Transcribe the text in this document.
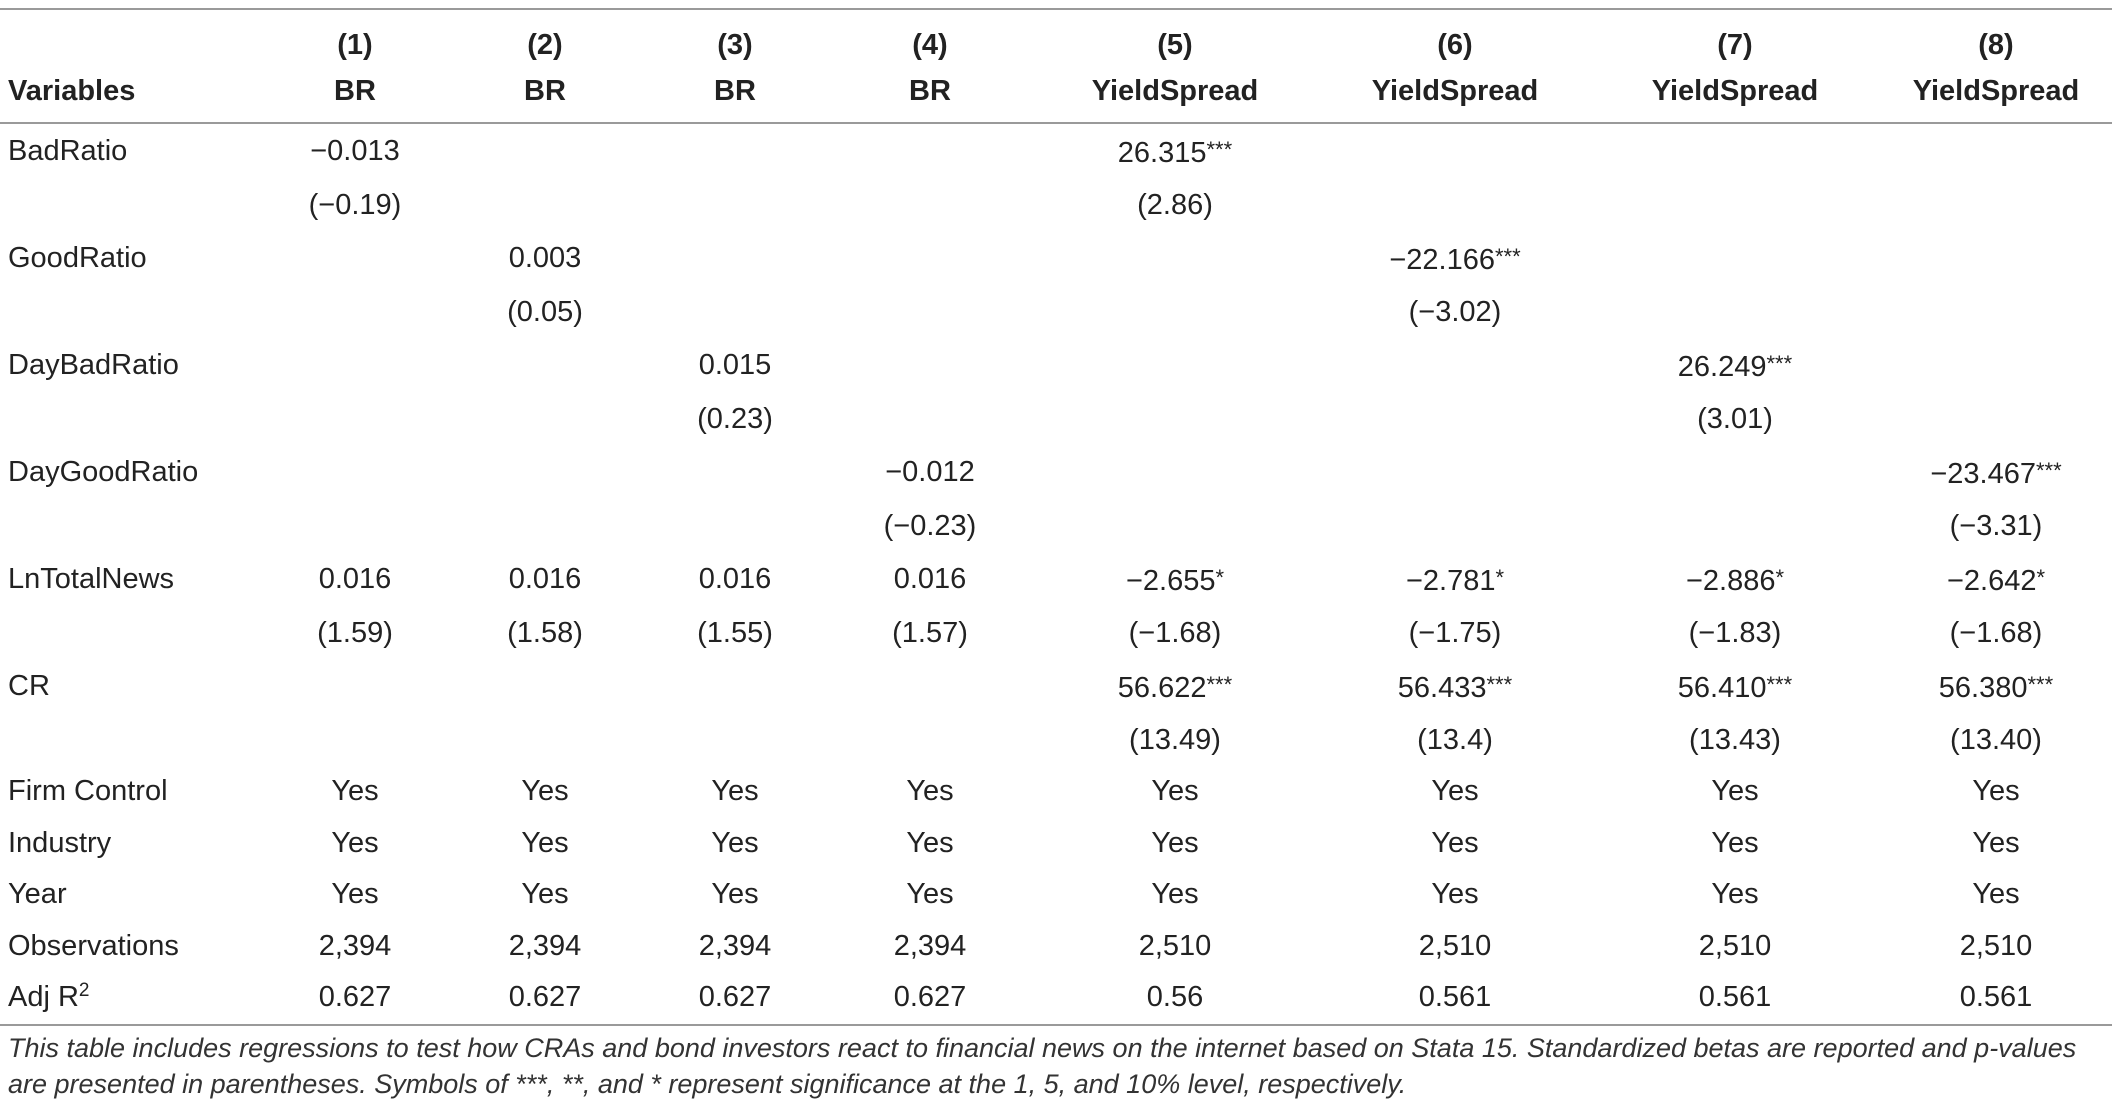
	(1)	(2)	(3)	(4)	(5)	(6)	(7)	(8)
Variables	BR	BR	BR	BR	YieldSpread	YieldSpread	YieldSpread	YieldSpread
BadRatio	−0.013				26.315***			
	(−0.19)				(2.86)			
GoodRatio		0.003				−22.166***		
		(0.05)				(−3.02)		
DayBadRatio			0.015				26.249***	
			(0.23)				(3.01)	
DayGoodRatio				−0.012				−23.467***
				(−0.23)				(−3.31)
LnTotalNews	0.016	0.016	0.016	0.016	−2.655*	−2.781*	−2.886*	−2.642*
	(1.59)	(1.58)	(1.55)	(1.57)	(−1.68)	(−1.75)	(−1.83)	(−1.68)
CR					56.622***	56.433***	56.410***	56.380***
					(13.49)	(13.4)	(13.43)	(13.40)
Firm Control	Yes	Yes	Yes	Yes	Yes	Yes	Yes	Yes
Industry	Yes	Yes	Yes	Yes	Yes	Yes	Yes	Yes
Year	Yes	Yes	Yes	Yes	Yes	Yes	Yes	Yes
Observations	2,394	2,394	2,394	2,394	2,510	2,510	2,510	2,510
Adj $R^2$	0.627	0.627	0.627	0.627	0.56	0.561	0.561	0.561
This table includes regressions to test how CRAs and bond investors react to financial news on the internet based on Stata 15. Standardized betas are reported and p-values are presented in parentheses. Symbols of ***, **, and * represent significance at the 1, 5, and 10% level, respectively.
